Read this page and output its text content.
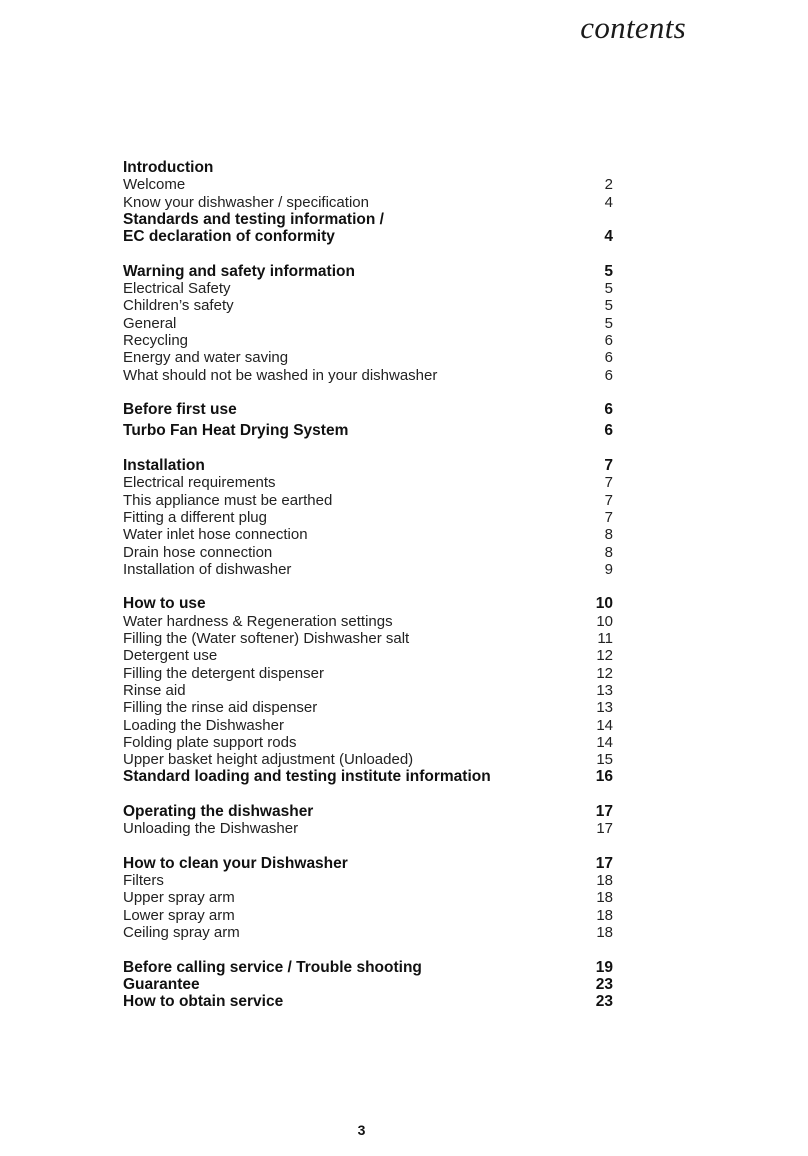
contents
Introduction
Welcome	2
Know your dishwasher / specification	4
Standards and testing information /
EC declaration of conformity	4
Warning and safety information	5
Electrical Safety	5
Children’s safety	5
General	5
Recycling	6
Energy and water saving	6
What should not be washed in your dishwasher	6
Before first use	6
Turbo Fan Heat Drying System	6
Installation	7
Electrical requirements	7
This appliance must be earthed	7
Fitting a different plug	7
Water inlet hose connection	8
Drain hose connection	8
Installation of dishwasher	9
How to use	10
Water hardness & Regeneration settings	10
Filling the (Water softener) Dishwasher salt	11
Detergent use	12
Filling the detergent dispenser	12
Rinse aid	13
Filling the rinse aid dispenser	13
Loading the Dishwasher	14
Folding plate support rods	14
Upper basket height adjustment (Unloaded)	15
Standard loading and testing institute information	16
Operating the dishwasher	17
Unloading the Dishwasher	17
How to clean your Dishwasher	17
Filters	18
Upper spray arm	18
Lower spray arm	18
Ceiling spray arm	18
Before calling service / Trouble shooting	19
Guarantee	23
How to obtain service	23
3
